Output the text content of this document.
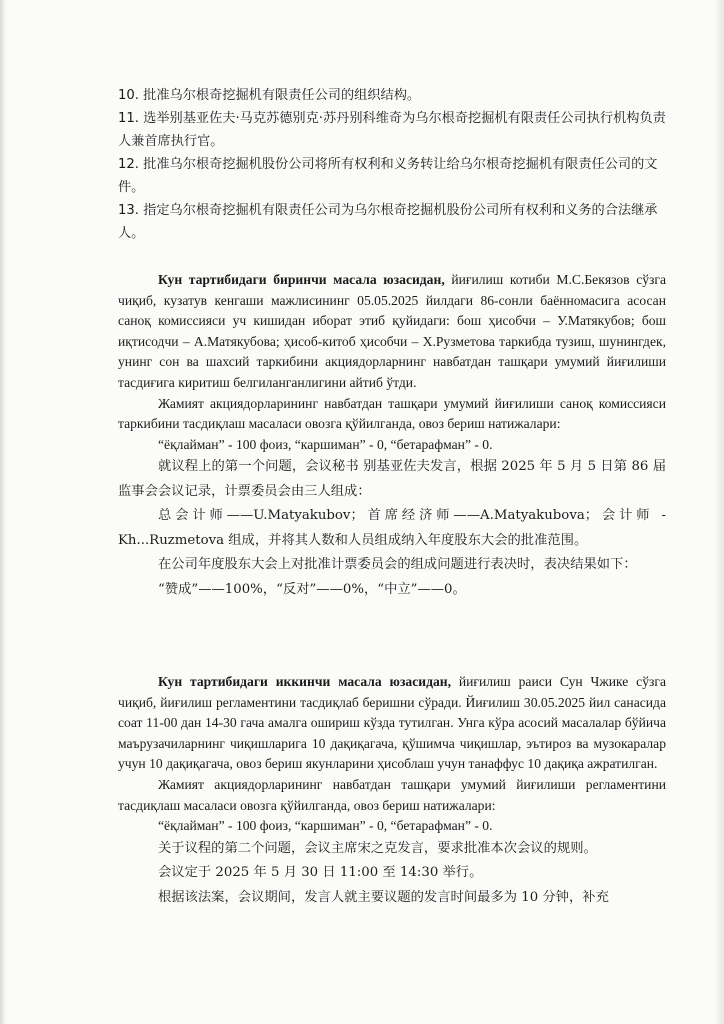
10. 批准乌尔根奇挖掘机有限责任公司的组织结构。

11. 选举别基亚佐夫·马克苏德别克·苏丹别科维奇为乌尔根奇挖掘机有限责任公司执行机构负责人兼首席执行官。

12. 批准乌尔根奇挖掘机股份公司将所有权利和义务转让给乌尔根奇挖掘机有限责任公司的文件。

13. 指定乌尔根奇挖掘机有限责任公司为乌尔根奇挖掘机股份公司所有权利和义务的合法继承人。

Кун тартибидаги биринчи масала юзасидан, йиғилиш котиби М.С.Бекязов сўзга чиқиб, кузатув кенгаши мажлисининг 05.05.2025 йилдаги 86-сонли баённомасига асосан саноқ комиссияси уч кишидан иборат этиб қуйидаги: бош ҳисобчи – У.Матякубов; бош иқтисодчи – А.Матякубова; ҳисоб-китоб ҳисобчи – Х.Рузметова таркибда тузиш, шунингдек, унинг сон ва шахсий таркибини акциядорларнинг навбатдан ташқари умумий йиғилиши тасдиғига киритиш белгиланганлигини айтиб ўтди.

Жамият акциядорларининг навбатдан ташқари умумий йиғилиши саноқ комиссияси таркибини тасдиқлаш масаласи овозга қўйилганда, овоз бериш натижалари:

“ёқлайман” - 100 фоиз, “каршиман” - 0, “бетарафман” - 0.

就议程上的第一个问题，会议秘书 别基亚佐夫发言，根据 2025 年 5 月 5 日第 86 届监事会会议记录，计票委员会由三人组成：

总会计师——U.Matyakubov；首席经济师——A.Matyakubova；会计师 - Kh...Ruzmetova 组成，并将其人数和人员组成纳入年度股东大会的批准范围。

在公司年度股东大会上对批准计票委员会的组成问题进行表决时，表决结果如下：

“赞成”——100%，“反对”——0%，“中立”——0。

Кун тартибидаги иккинчи масала юзасидан, йиғилиш раиси Сун Чжике сўзга чиқиб, йиғилиш регламентини тасдиқлаб беришни сўради. Йиғилиш 30.05.2025 йил санасида соат 11-00 дан 14-30 гача амалга ошириш кўзда тутилган. Унга кўра асосий масалалар бўйича маърузачиларнинг чиқишларига 10 дақиқагача, қўшимча чиқишлар, эътироз ва музокаралар учун 10 дақиқагача, овоз бериш якунларини ҳисоблаш учун танаффус 10 дақиқа ажратилган.

Жамият акциядорларининг навбатдан ташқари умумий йиғилиши регламентини тасдиқлаш масаласи овозга қўйилганда, овоз бериш натижалари:

“ёқлайман” - 100 фоиз, “каршиман” - 0, “бетарафман” - 0.

关于议程的第二个问题，会议主席宋之克发言，要求批准本次会议的规则。

会议定于 2025 年 5 月 30 日 11:00 至 14:30 举行。

根据该法案，会议期间，发言人就主要议题的发言时间最多为 10 分钟，补充
